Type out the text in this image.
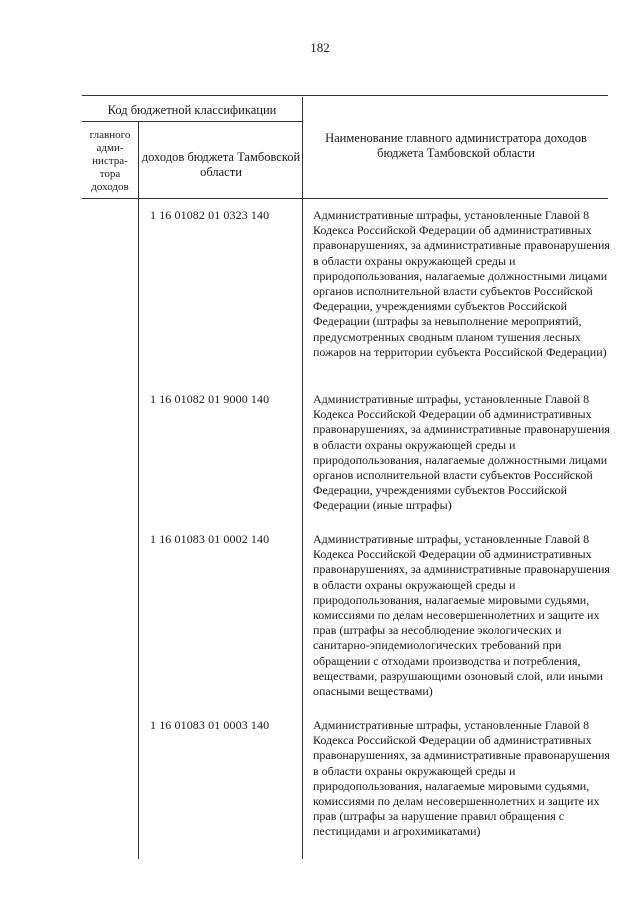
182
Код бюджетной классификации
главного адми-нистра-тора доходов
доходов бюджета Тамбовской области
Наименование главного администратора доходов бюджета Тамбовской области
1 16 01082 01 0323 140	Административные штрафы, установленные Главой 8 Кодекса Российской Федерации об административных правонарушениях, за административные правонарушения в области охраны окружающей среды и природопользования, налагаемые должностными лицами органов исполнительной власти субъектов Российской Федерации, учреждениями субъектов Российской Федерации (штрафы за невыполнение мероприятий, предусмотренных сводным планом тушения лесных пожаров на территории субъекта Российской Федерации)
1 16 01082 01 9000 140	Административные штрафы, установленные Главой 8 Кодекса Российской Федерации об административных правонарушениях, за административные правонарушения в области охраны окружающей среды и природопользования, налагаемые должностными лицами органов исполнительной власти субъектов Российской Федерации, учреждениями субъектов Российской Федерации (иные штрафы)
1 16 01083 01 0002 140	Административные штрафы, установленные Главой 8 Кодекса Российской Федерации об административных правонарушениях, за административные правонарушения в области охраны окружающей среды и природопользования, налагаемые мировыми судьями, комиссиями по делам несовершеннолетних и защите их прав (штрафы за несоблюдение экологических и санитарно-эпидемиологических требований при обращении с отходами производства и потребления, веществами, разрушающими озоновый слой, или иными опасными веществами)
1 16 01083 01 0003 140	Административные штрафы, установленные Главой 8 Кодекса Российской Федерации об административных правонарушениях, за административные правонарушения в области охраны окружающей среды и природопользования, налагаемые мировыми судьями, комиссиями по делам несовершеннолетних и защите их прав (штрафы за нарушение правил обращения с пестицидами и агрохимикатами)
